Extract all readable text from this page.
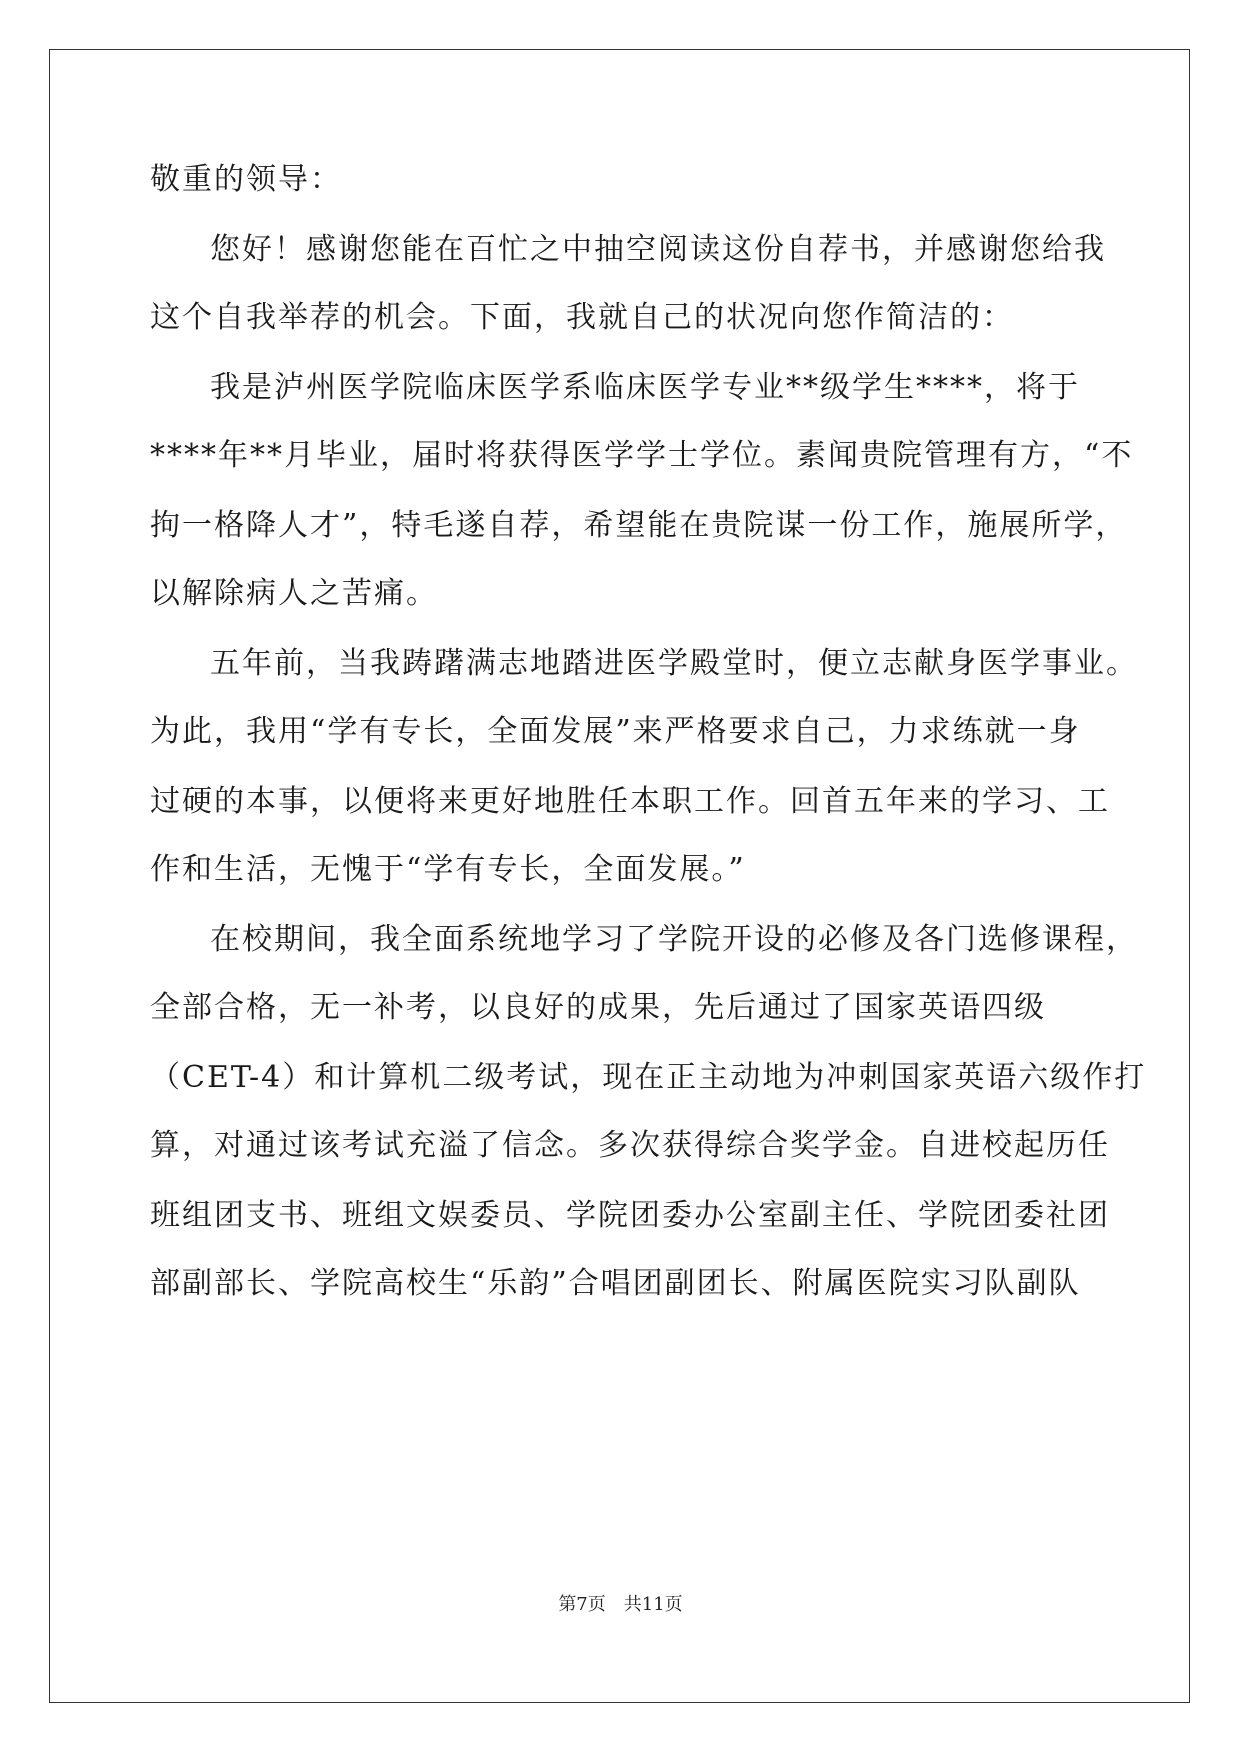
敬重的领导：
您好！感谢您能在百忙之中抽空阅读这份自荐书，并感谢您给我
这个自我举荐的机会。下面，我就自己的状况向您作简洁的：
我是泸州医学院临床医学系临床医学专业**级学生****，将于
****年**月毕业，届时将获得医学学士学位。素闻贵院管理有方，“不
拘一格降人才”，特毛遂自荐，希望能在贵院谋一份工作，施展所学，
以解除病人之苦痛。
五年前，当我踌躇满志地踏进医学殿堂时，便立志献身医学事业。
为此，我用“学有专长，全面发展”来严格要求自己，力求练就一身
过硬的本事，以便将来更好地胜任本职工作。回首五年来的学习、工
作和生活，无愧于“学有专长，全面发展。”
在校期间，我全面系统地学习了学院开设的必修及各门选修课程，
全部合格，无一补考，以良好的成果，先后通过了国家英语四级
（CET-4）和计算机二级考试，现在正主动地为冲刺国家英语六级作打
算，对通过该考试充溢了信念。多次获得综合奖学金。自进校起历任
班组团支书、班组文娱委员、学院团委办公室副主任、学院团委社团
部副部长、学院高校生“乐韵”合唱团副团长、附属医院实习队副队
第7页　共11页
